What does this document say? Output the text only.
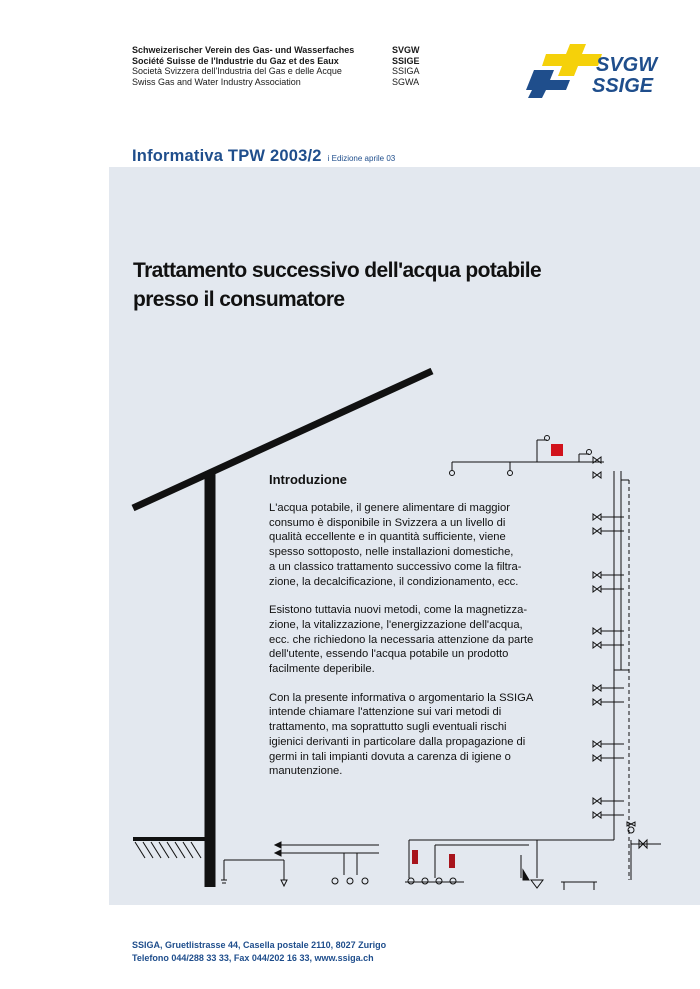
Schweizerischer Verein des Gas- und Wasserfaches	SVGW
Société Suisse de l'Industrie du Gaz et des Eaux	SSIGE
Società Svizzera dell'Industria del Gas e delle Acque	SSIGA
Swiss Gas and Water Industry Association	SGWA
SVGW
SSIGE
Informativa TPW 2003/2 i Edizione aprile 03
Trattamento successivo dell'acqua potabile
presso il consumatore
Introduzione

L'acqua potabile, il genere alimentare di maggior
consumo è disponibile in Svizzera a un livello di
qualità eccellente e in quantità sufficiente, viene
spesso sottoposto, nelle installazioni domestiche,
a un classico trattamento successivo come la filtra-
zione, la decalcificazione, il condizionamento, ecc.

Esistono tuttavia nuovi metodi, come la magnetizza-
zione, la vitalizzazione, l'energizzazione dell'acqua,
ecc. che richiedono la necessaria attenzione da parte
dell'utente, essendo l'acqua potabile un prodotto
facilmente deperibile.

Con la presente informativa o argomentario la SSIGA
intende chiamare l'attenzione sui vari metodi di
trattamento, ma soprattutto sugli eventuali rischi
igienici derivanti in particolare dalla propagazione di
germi in tali impianti dovuta a carenza di igiene o
manutenzione.

SSIGA, Gruetlistrasse 44, Casella postale 2110, 8027 Zurigo
Telefono 044/288 33 33, Fax 044/202 16 33, www.ssiga.ch
